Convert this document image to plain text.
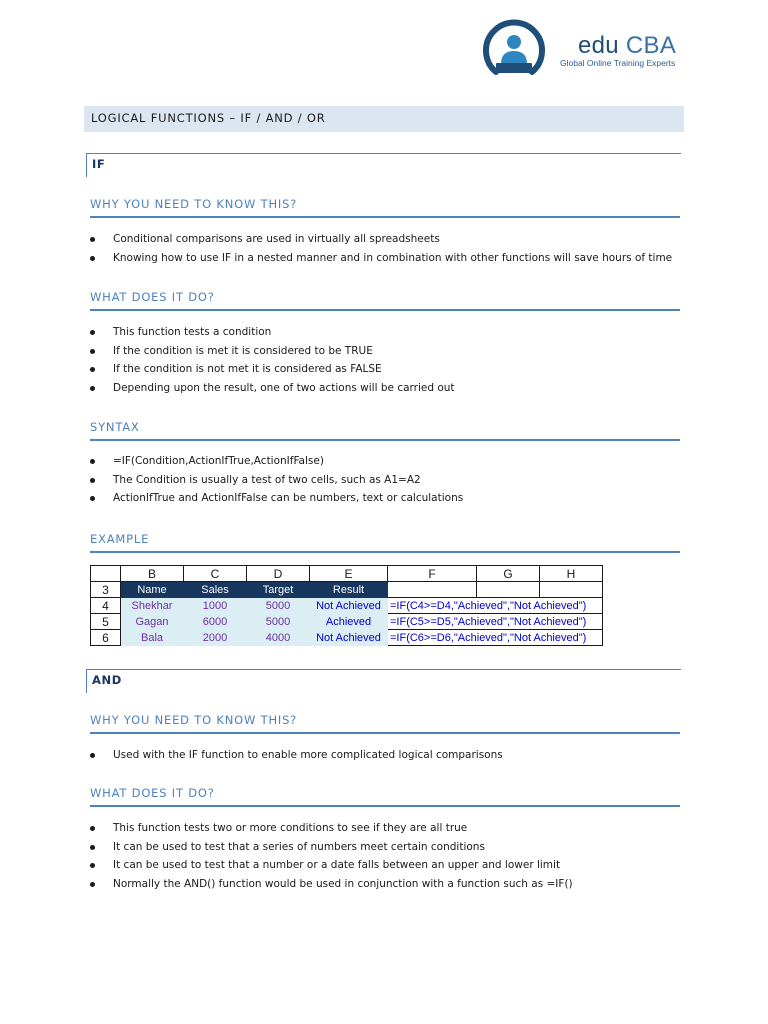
edu CBA
Global Online Training Experts
LOGICAL FUNCTIONS – IF / AND / OR
IF
WHY YOU NEED TO KNOW THIS?
Conditional comparisons are used in virtually all spreadsheets
Knowing how to use IF in a nested manner and in combination with other functions will save hours of time
WHAT DOES IT DO?
This function tests a condition
If the condition is met it is considered to be TRUE
If the condition is not met it is considered as FALSE
Depending upon the result, one of two actions will be carried out
SYNTAX
=IF(Condition,ActionIfTrue,ActionIfFalse)
The Condition is usually a test of two cells, such as A1=A2
ActionIfTrue and ActionIfFalse can be numbers, text or calculations
EXAMPLE
	B	C	D	E	F	G	H
3	Name	Sales	Target	Result			
4	Shekhar	1000	5000	Not Achieved	=IF(C4>=D4,"Achieved","Not Achieved")		
5	Gagan	6000	5000	Achieved	=IF(C5>=D5,"Achieved","Not Achieved")		
6	Bala	2000	4000	Not Achieved	=IF(C6>=D6,"Achieved","Not Achieved")		
AND
WHY YOU NEED TO KNOW THIS?
Used with the IF function to enable more complicated logical comparisons
WHAT DOES IT DO?
This function tests two or more conditions to see if they are all true
It can be used to test that a series of numbers meet certain conditions
It can be used to test that a number or a date falls between an upper and lower limit
Normally the AND() function would be used in conjunction with a function such as =IF()
